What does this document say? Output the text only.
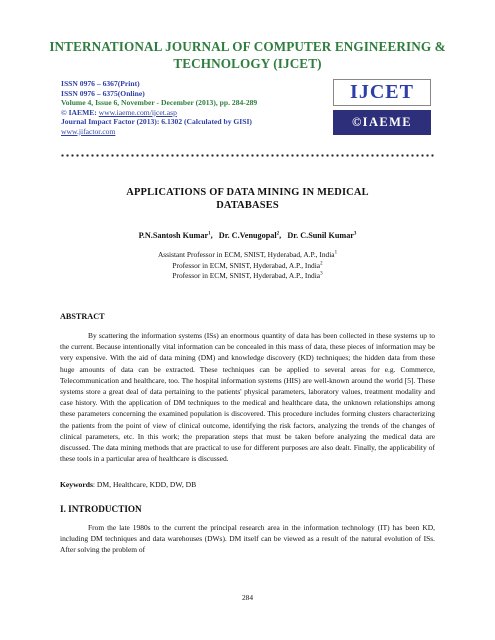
INTERNATIONAL JOURNAL OF COMPUTER ENGINEERING &
TECHNOLOGY (IJCET)
ISSN 0976 – 6367(Print)
ISSN 0976 – 6375(Online)
Volume 4, Issue 6, November - December (2013), pp. 284-289
© IAEME: www.iaeme.com/ijcet.asp
Journal Impact Factor (2013): 6.1302 (Calculated by GISI)
www.jifactor.com
IJCET
©IAEME
APPLICATIONS OF DATA MINING IN MEDICAL
DATABASES
P.N.Santosh Kumar$^1$,   Dr. C.Venugopal$^2$,   Dr. C.Sunil Kumar$^3$
Assistant Professor in ECM, SNIST, Hyderabad, A.P., India$^1$
Professor in ECM, SNIST, Hyderabad, A.P., India$^2$
Professor in ECM, SNIST, Hyderabad, A.P., India$^3$
ABSTRACT

By scattering the information systems (ISs) an enormous quantity of data has been collected in these systems up to the current. Because intentionally vital information can be concealed in this mass of data, these pieces of information may be very expensive. With the aid of data mining (DM) and knowledge discovery (KD) techniques; the hidden data from these huge amounts of data can be extracted. These techniques can be applied to several areas for e.g. Commerce, Telecommunication and healthcare, too. The hospital information systems (HIS) are well-known around the world [5]. These systems store a great deal of data pertaining to the patients' physical parameters, laboratory values, treatment modality and case history. With the application of DM techniques to the medical and healthcare data, the unknown relationships among these parameters concerning the examined population is discovered. This procedure includes forming clusters characterizing the patients from the point of view of clinical outcome, identifying the risk factors, analyzing the trends of the changes of clinical parameters, etc. In this work; the preparation steps that must be taken before analyzing the medical data are discussed. The data mining methods that are practical to use for different purposes are also dealt. Finally, the applicability of these tools in a particular area of healthcare is discussed.

Keywords: DM, Healthcare, KDD, DW, DB
I. INTRODUCTION

From the late 1980s to the current the principal research area in the information technology (IT) has been KD, including DM techniques and data warehouses (DWs). DM itself can be viewed as a result of the natural evolution of ISs. After solving the problem of

284
